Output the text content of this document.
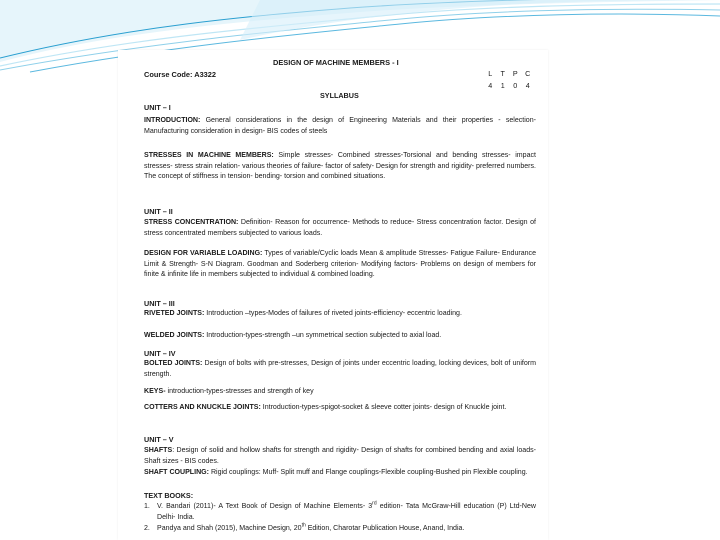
DESIGN OF MACHINE MEMBERS - I
Course Code: A3322	L T P C
4 1 0 4
SYLLABUS
UNIT – I
INTRODUCTION: General considerations in the design of Engineering Materials and their properties - selection- Manufacturing consideration in design- BIS codes of steels
STRESSES IN MACHINE MEMBERS: Simple stresses- Combined stresses-Torsional and bending stresses- impact stresses- stress strain relation- various theories of failure- factor of safety- Design for strength and rigidity- preferred numbers. The concept of stiffness in tension- bending- torsion and combined situations.
UNIT – II
STRESS CONCENTRATION: Definition- Reason for occurrence- Methods to reduce- Stress concentration factor. Design of stress concentrated members subjected to various loads.
DESIGN FOR VARIABLE LOADING: Types of variable/Cyclic loads Mean & amplitude Stresses- Fatigue Failure- Endurance Limit & Strength- S-N Diagram. Goodman and Soderberg criterion- Modifying factors- Problems on design of members for finite & infinite life in members subjected to individual & combined loading.
UNIT – III
RIVETED JOINTS: Introduction –types-Modes of failures of riveted joints-efficiency- eccentric loading.
WELDED JOINTS: Introduction-types-strength –un symmetrical section subjected to axial load.
UNIT – IV
BOLTED JOINTS: Design of bolts with pre-stresses, Design of joints under eccentric loading, locking devices, bolt of uniform strength.
KEYS- introduction-types-stresses and strength of key
COTTERS AND KNUCKLE JOINTS: Introduction-types-spigot-socket & sleeve cotter joints- design of Knuckle joint.
UNIT – V
SHAFTS: Design of solid and hollow shafts for strength and rigidity- Design of shafts for combined bending and axial loads-Shaft sizes - BIS codes.
SHAFT COUPLING: Rigid couplings: Muff- Split muff and Flange couplings-Flexible coupling-Bushed pin Flexible coupling.
TEXT BOOKS:
1. V. Bandari (2011)- A Text Book of Design of Machine Elements- 3rd edition- Tata McGraw-Hill education (P) Ltd-New Delhi- India.
2. Pandya and Shah (2015), Machine Design, 20th Edition, Charotar Publication House, Anand, India.
